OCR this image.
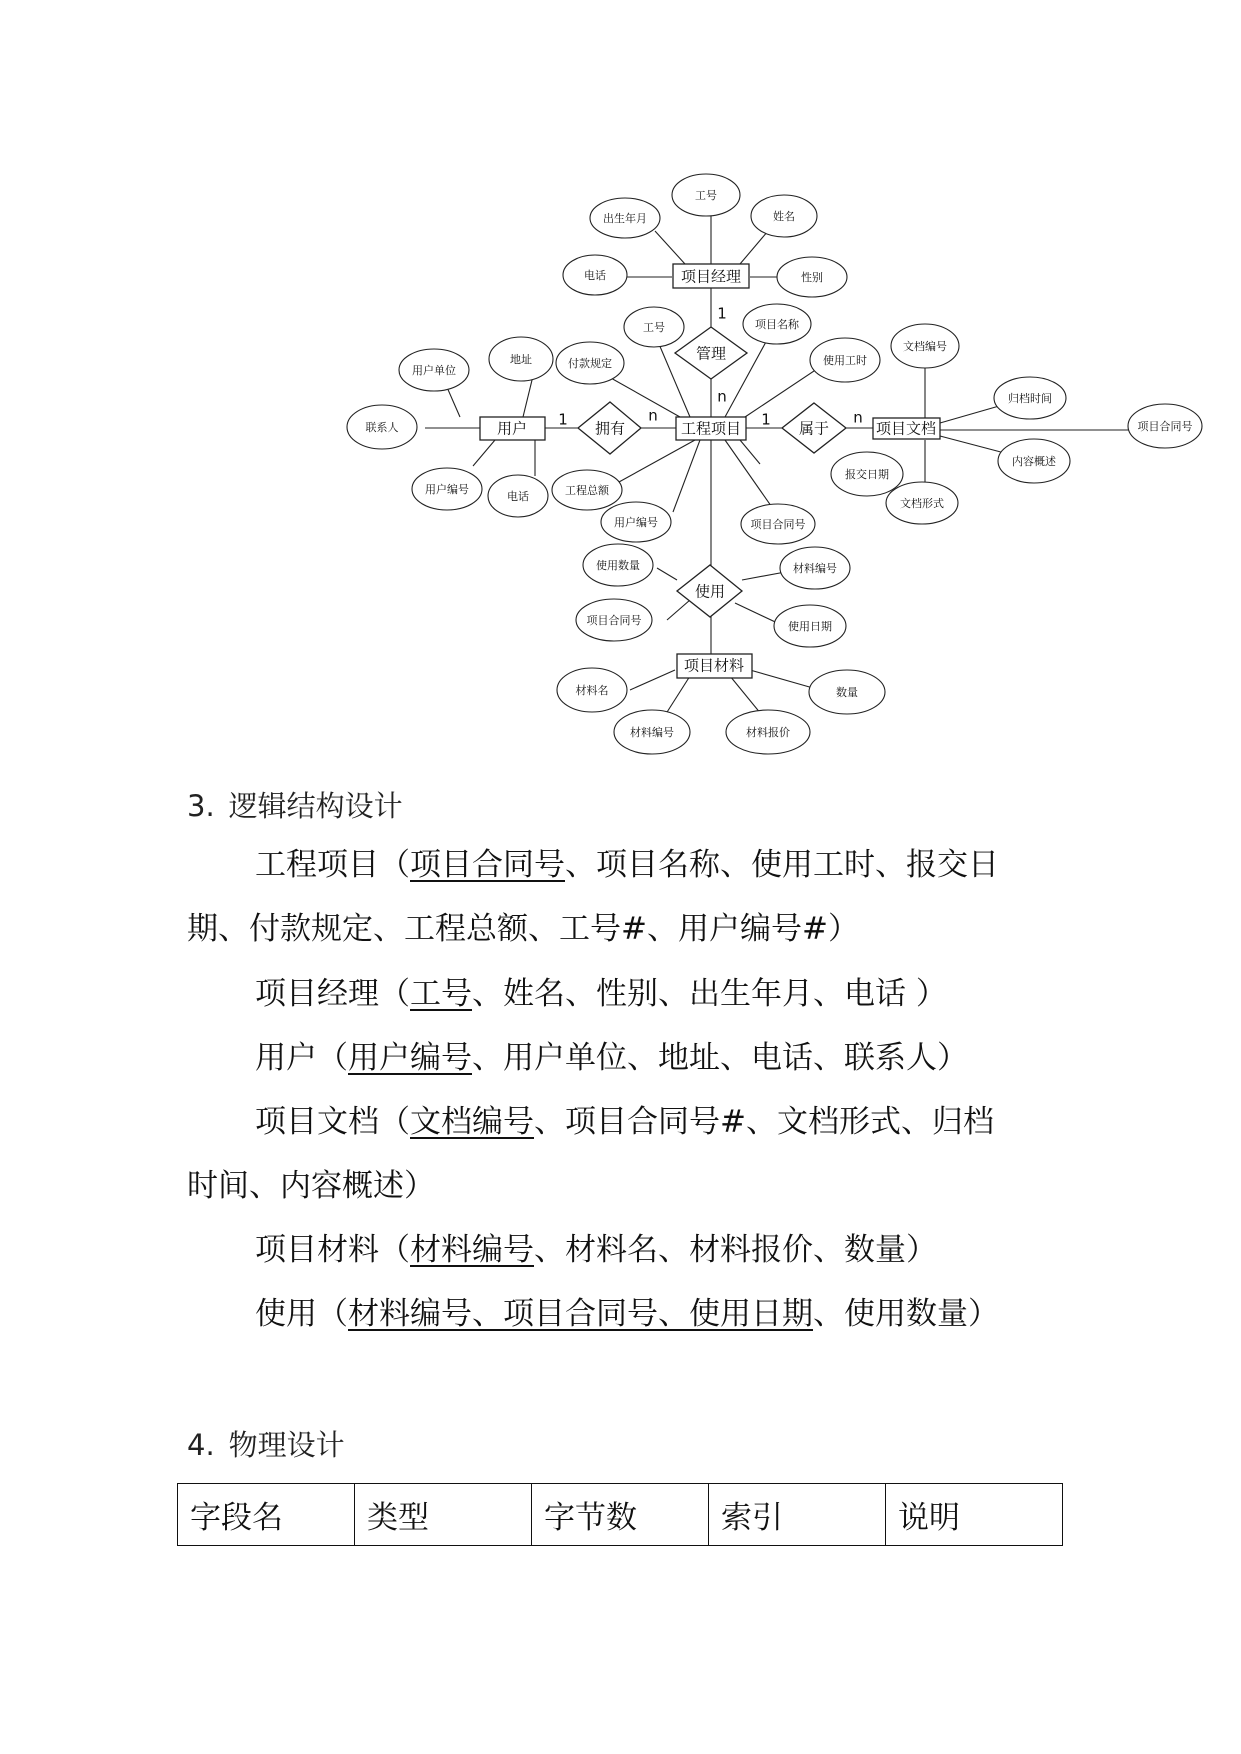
项目经理
工程项目
用户	项目文档
项目材料
管理
拥有	属于
使用
1
n
1	n	1	n
出生年月
工号
姓名
电话	性别
用户单位
地址
联系人
用户编号
电话
工号	项目名称
付款规定	使用工时
工程总额
报交日期
用户编号	项目合同号
文档编号
归档时间
项目合同号
内容概述
文档形式
使用数量	材料编号
项目合同号	使用日期
材料名	数量
材料编号	材料报价
3. 逻辑结构设计
工程项目（项目合同号、项目名称、使用工时、报交日
期、付款规定、工程总额、工号#、用户编号#）
项目经理（工号、姓名、性别、出生年月、电话 ）
用户（用户编号、用户单位、地址、电话、联系人）
项目文档（文档编号、项目合同号#、文档形式、归档
时间、内容概述）
项目材料（材料编号、材料名、材料报价、数量）
使用（材料编号、项目合同号、使用日期、使用数量）
4. 物理设计
字段名	类型	字节数	索引	说明
